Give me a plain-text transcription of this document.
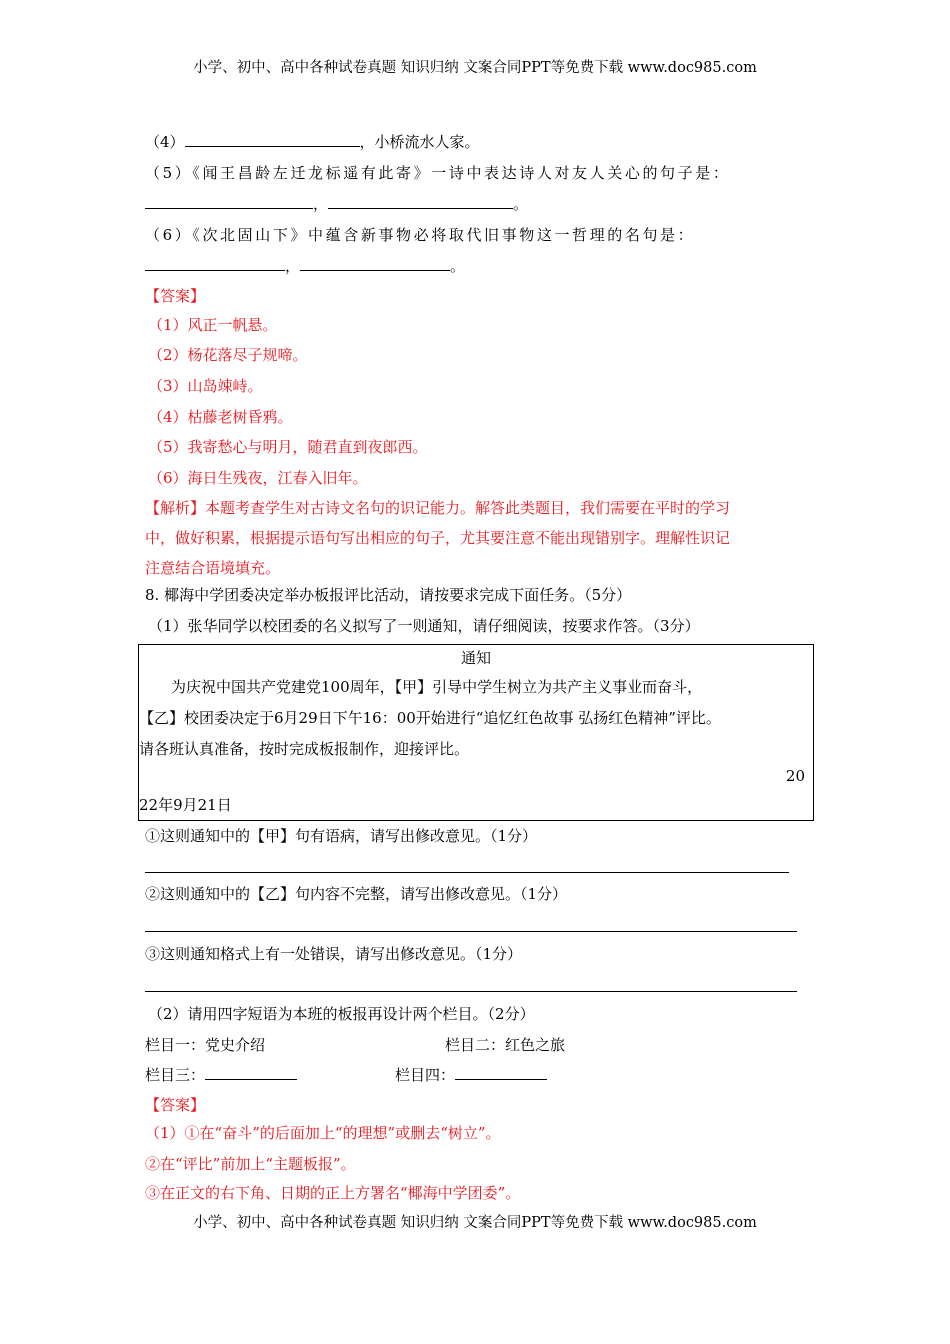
小学、初中、高中各种试卷真题 知识归纳 文案合同PPT等免费下载 www.doc985.com
（4）	，小桥流水人家。
（5）《闻王昌龄左迁龙标遥有此寄》一诗中表达诗人对友人关心的句子是：
，	。
（6）《次北固山下》中蕴含新事物必将取代旧事物这一哲理的名句是：
，	。
【答案】
（1）风正一帆悬。
（2）杨花落尽子规啼。
（3）山岛竦峙。
（4）枯藤老树昏鸦。
（5）我寄愁心与明月，随君直到夜郎西。
（6）海日生残夜，江春入旧年。
【解析】本题考查学生对古诗文名句的识记能力。解答此类题目，我们需要在平时的学习
中，做好积累，根据提示语句写出相应的句子，尤其要注意不能出现错别字。理解性识记
注意结合语境填充。
8. 椰海中学团委决定举办板报评比活动，请按要求完成下面任务。（5分）
（1）张华同学以校团委的名义拟写了一则通知，请仔细阅读，按要求作答。（3分）
通知
为庆祝中国共产党建党100周年，【甲】引导中学生树立为共产主义事业而奋斗，
【乙】校团委决定于6月29日下午16：00开始进行“追忆红色故事 弘扬红色精神”评比。
请各班认真准备，按时完成板报制作，迎接评比。
20
22年9月21日
①这则通知中的【甲】句有语病，请写出修改意见。（1分）
②这则通知中的【乙】句内容不完整，请写出修改意见。（1分）
③这则通知格式上有一处错误，请写出修改意见。（1分）
（2）请用四字短语为本班的板报再设计两个栏目。（2分）
栏目一：党史介绍	栏目二：红色之旅
栏目三：	栏目四：
【答案】
（1）①在“奋斗”的后面加上“的理想”或删去“树立”。
②在“评比”前加上“主题板报”。
③在正文的右下角、日期的正上方署名“椰海中学团委”。
小学、初中、高中各种试卷真题 知识归纳 文案合同PPT等免费下载 www.doc985.com
